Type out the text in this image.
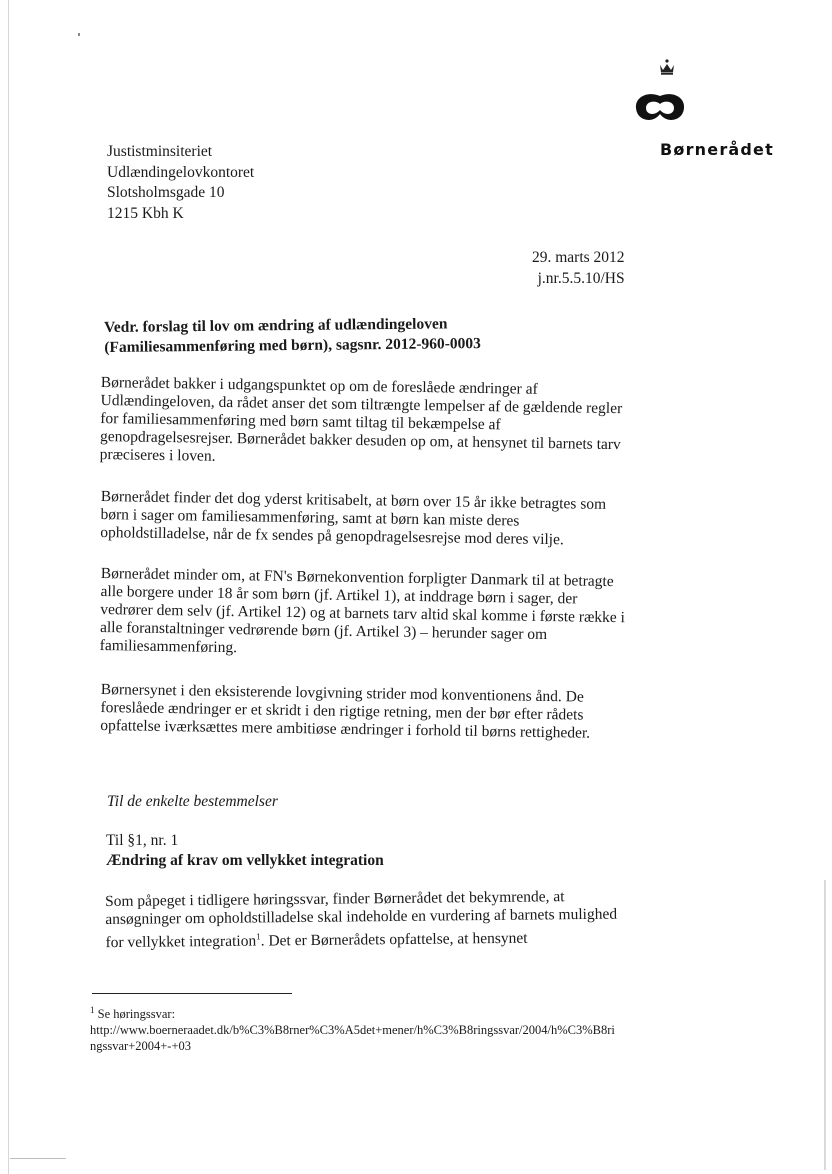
Børnerådet
Justistminsiteriet
Udlændingelovkontoret
Slotsholmsgade 10
1215 Kbh K
29. marts 2012
j.nr.5.5.10/HS
Vedr. forslag til lov om ændring af udlændingeloven
(Familiesammenføring med børn), sagsnr. 2012-960-0003

Børnerådet bakker i udgangspunktet op om de foreslåede ændringer af Udlændingeloven, da rådet anser det som tiltrængte lempelser af de gældende regler for familiesammenføring med børn samt tiltag til bekæmpelse af genopdragelsesrejser. Børnerådet bakker desuden op om, at hensynet til barnets tarv præciseres i loven.

Børnerådet finder det dog yderst kritisabelt, at børn over 15 år ikke betragtes som børn i sager om familiesammenføring, samt at børn kan miste deres opholdstilladelse, når de fx sendes på genopdragelsesrejse mod deres vilje.

Børnerådet minder om, at FN's Børnekonvention forpligter Danmark til at betragte alle borgere under 18 år som børn (jf. Artikel 1), at inddrage børn i sager, der vedrører dem selv (jf. Artikel 12) og at barnets tarv altid skal komme i første række i alle foranstaltninger vedrørende børn (jf. Artikel 3) – herunder sager om familiesammenføring.

Børnersynet i den eksisterende lovgivning strider mod konventionens ånd. De foreslåede ændringer er et skridt i den rigtige retning, men der bør efter rådets opfattelse iværksættes mere ambitiøse ændringer i forhold til børns rettigheder.

Til de enkelte bestemmelser
Til §1, nr. 1
Ændring af krav om vellykket integration

Som påpeget i tidligere høringssvar, finder Børnerådet det bekymrende, at ansøgninger om opholdstilladelse skal indeholde en vurdering af barnets mulighed for vellykket integration$^1$. Det er Børnerådets opfattelse, at hensynet

$^1$ Se høringssvar:
http://www.boerneraadet.dk/b%C3%B8rner%C3%A5det+mener/h%C3%B8ringssvar/2004/h%C3%B8ringssvar+2004+-+03
